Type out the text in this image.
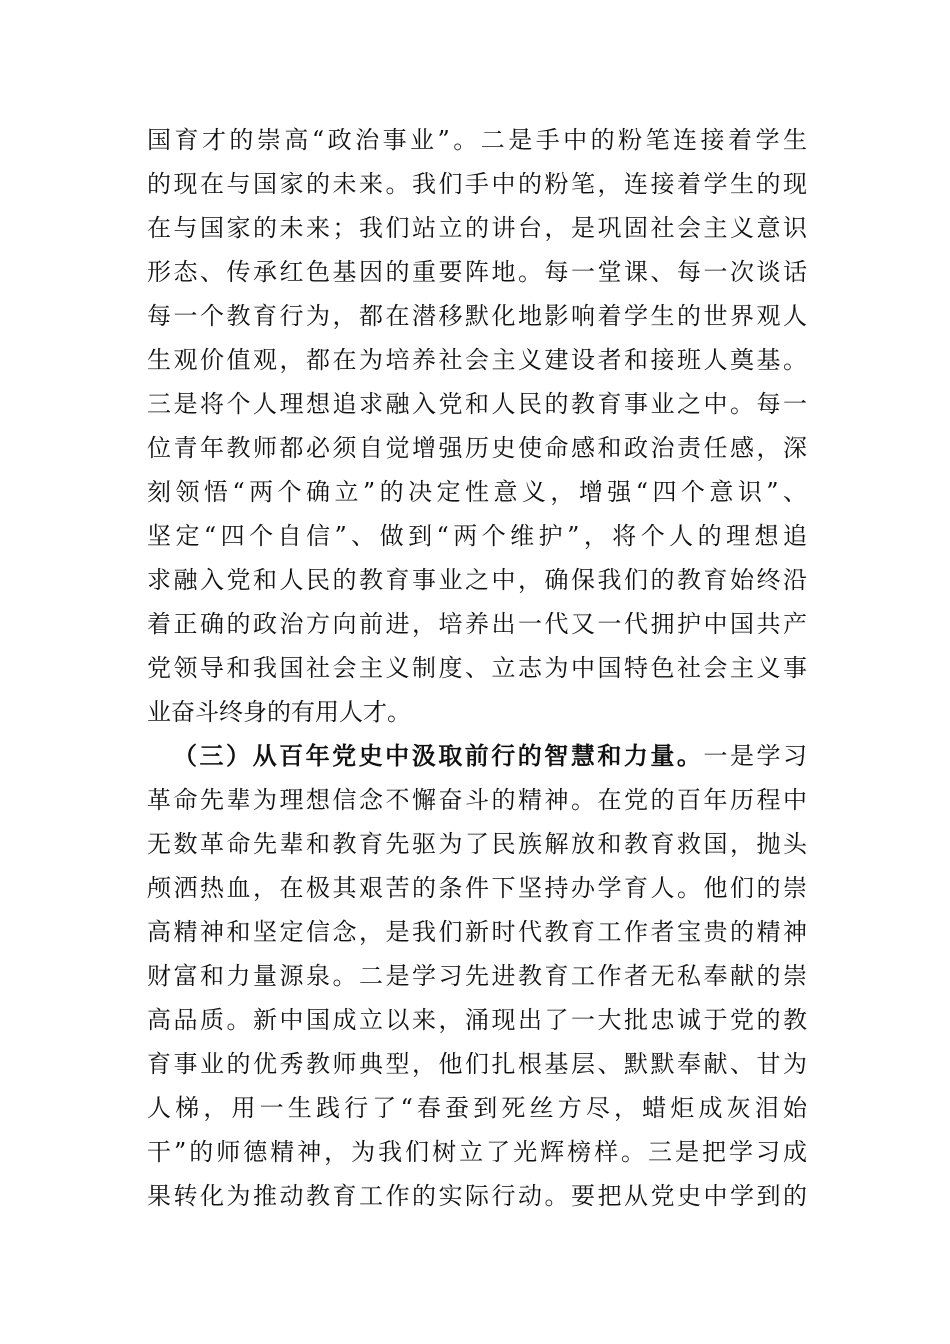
国育才的崇高“政治事业”。二是手中的粉笔连接着学生
的现在与国家的未来。我们手中的粉笔，连接着学生的现
在与国家的未来；我们站立的讲台，是巩固社会主义意识
形态、传承红色基因的重要阵地。每一堂课、每一次谈话
每一个教育行为，都在潜移默化地影响着学生的世界观人
生观价值观，都在为培养社会主义建设者和接班人奠基。
三是将个人理想追求融入党和人民的教育事业之中。每一
位青年教师都必须自觉增强历史使命感和政治责任感，深
刻领悟“两个确立”的决定性意义，增强“四个意识”、
坚定“四个自信”、做到“两个维护”，将个人的理想追
求融入党和人民的教育事业之中，确保我们的教育始终沿
着正确的政治方向前进，培养出一代又一代拥护中国共产
党领导和我国社会主义制度、立志为中国特色社会主义事
业奋斗终身的有用人才。
（三）从百年党史中汲取前行的智慧和力量。一是学习
革命先辈为理想信念不懈奋斗的精神。在党的百年历程中
无数革命先辈和教育先驱为了民族解放和教育救国，抛头
颅洒热血，在极其艰苦的条件下坚持办学育人。他们的崇
高精神和坚定信念，是我们新时代教育工作者宝贵的精神
财富和力量源泉。二是学习先进教育工作者无私奉献的崇
高品质。新中国成立以来，涌现出了一大批忠诚于党的教
育事业的优秀教师典型，他们扎根基层、默默奉献、甘为
人梯，用一生践行了“春蚕到死丝方尽，蜡炬成灰泪始
干”的师德精神，为我们树立了光辉榜样。三是把学习成
果转化为推动教育工作的实际行动。要把从党史中学到的
